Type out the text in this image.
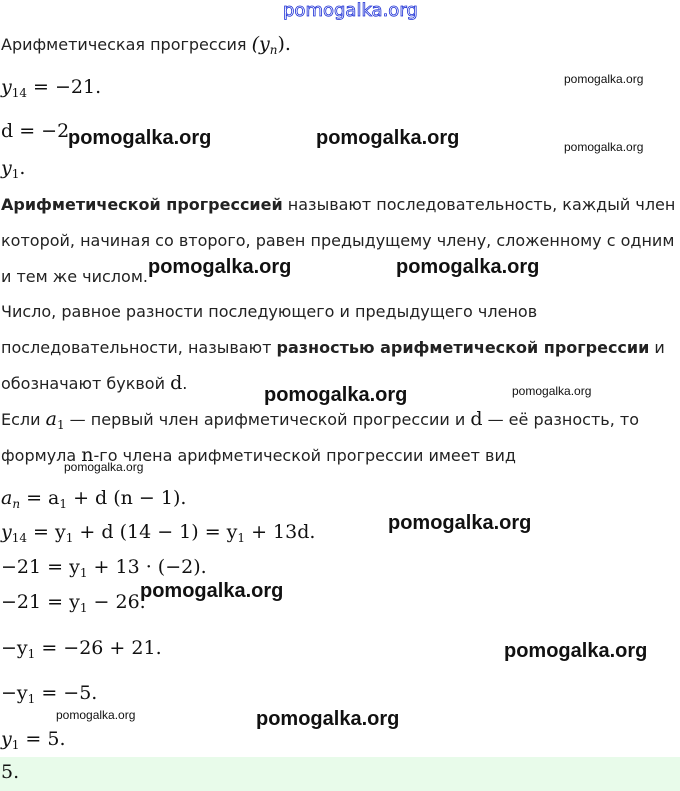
pomogalka.org
Арифметическая прогрессия $(y_n)$.
$y_{14} = -21$.
d = −2
$y_1$.
Арифметической прогрессией называют последовательность, каждый член
которой, начиная со второго, равен предыдущему члену, сложенному с одним
и тем же числом.
Число, равное разности последующего и предыдущего членов
последовательности, называют разностью арифметической прогрессии и
обозначают буквой d.
Если $a_1$ — первый член арифметической прогрессии и d — её разность, то
формула n-го члена арифметической прогрессии имеет вид
$a_n = a_1 + d$ (n − 1).
$y_{14} = y_1 + d$ $(14 - 1) = y_1 + 13d$.
$-21 = y_1 + 13 \cdot (-2)$.
$-21 = y_1 - 26$.
$-y_1 = -26 + 21$.
$-y_1 = -5$.
$y_1 = 5$.
5.
pomogalka.org
pomogalka.org	pomogalka.org	pomogalka.org
pomogalka.org	pomogalka.org
pomogalka.org	pomogalka.org
pomogalka.org
pomogalka.org
pomogalka.org
pomogalka.org
pomogalka.org	pomogalka.org
